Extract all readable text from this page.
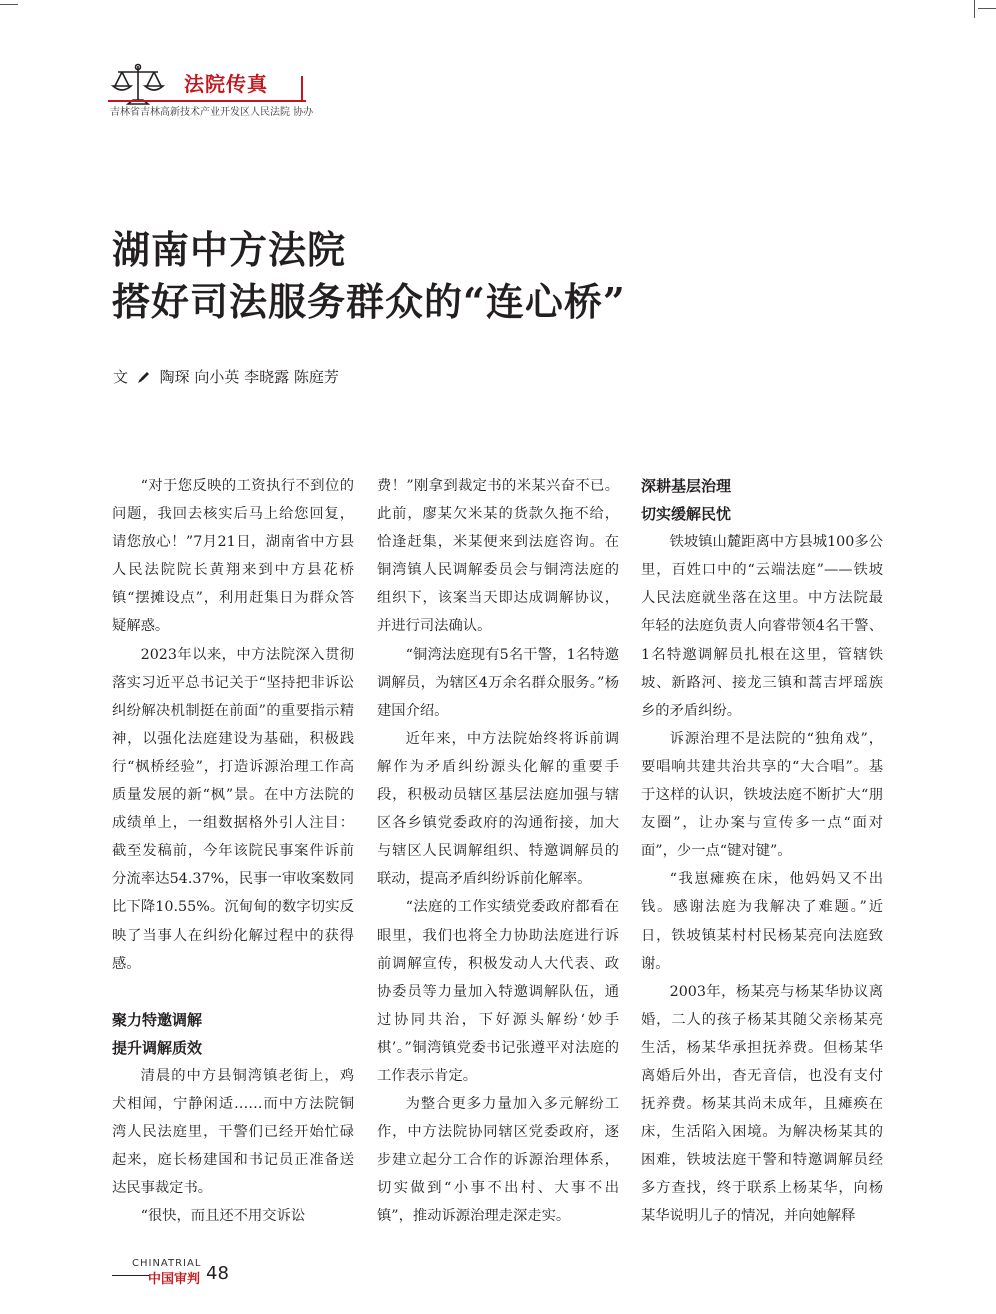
法院传真
吉林省吉林高新技术产业开发区人民法院 协办
湖南中方法院
搭好司法服务群众的“连心桥”
文 陶琛 向小英 李晓露 陈庭芳

“对于您反映的工资执行不到位的问题，我回去核实后马上给您回复，请您放心！”7月21日，湖南省中方县人民法院院长黄翔来到中方县花桥镇“摆摊设点”，利用赶集日为群众答疑解惑。

2023年以来，中方法院深入贯彻落实习近平总书记关于“坚持把非诉讼纠纷解决机制挺在前面”的重要指示精神，以强化法庭建设为基础，积极践行“枫桥经验”，打造诉源治理工作高质量发展的新“枫”景。在中方法院的成绩单上，一组数据格外引人注目：截至发稿前，今年该院民事案件诉前分流率达54.37%，民事一审收案数同比下降10.55%。沉甸甸的数字切实反映了当事人在纠纷化解过程中的获得感。

聚力特邀调解
提升调解质效

清晨的中方县铜湾镇老街上，鸡犬相闻，宁静闲适……而中方法院铜湾人民法庭里，干警们已经开始忙碌起来，庭长杨建国和书记员正准备送达民事裁定书。

“很快，而且还不用交诉讼

费！”刚拿到裁定书的米某兴奋不已。此前，廖某欠米某的货款久拖不给，恰逢赶集，米某便来到法庭咨询。在铜湾镇人民调解委员会与铜湾法庭的组织下，该案当天即达成调解协议，并进行司法确认。

“铜湾法庭现有5名干警，1名特邀调解员，为辖区4万余名群众服务。”杨建国介绍。

近年来，中方法院始终将诉前调解作为矛盾纠纷源头化解的重要手段，积极动员辖区基层法庭加强与辖区各乡镇党委政府的沟通衔接，加大与辖区人民调解组织、特邀调解员的联动，提高矛盾纠纷诉前化解率。

“法庭的工作实绩党委政府都看在眼里，我们也将全力协助法庭进行诉前调解宣传，积极发动人大代表、政协委员等力量加入特邀调解队伍，通过协同共治，下好源头解纷‘妙手棋’。”铜湾镇党委书记张遵平对法庭的工作表示肯定。

为整合更多力量加入多元解纷工作，中方法院协同辖区党委政府，逐步建立起分工合作的诉源治理体系，切实做到“小事不出村、大事不出镇”，推动诉源治理走深走实。

深耕基层治理
切实缓解民忧

铁坡镇山麓距离中方县城100多公里，百姓口中的“云端法庭”——铁坡人民法庭就坐落在这里。中方法院最年轻的法庭负责人向睿带领4名干警、1名特邀调解员扎根在这里，管辖铁坡、新路河、接龙三镇和蒿吉坪瑶族乡的矛盾纠纷。

诉源治理不是法院的“独角戏”，要唱响共建共治共享的“大合唱”。基于这样的认识，铁坡法庭不断扩大“朋友圈”，让办案与宣传多一点“面对面”，少一点“键对键”。

“我崽瘫痪在床，他妈妈又不出钱。感谢法庭为我解决了难题。”近日，铁坡镇某村村民杨某亮向法庭致谢。

2003年，杨某亮与杨某华协议离婚，二人的孩子杨某其随父亲杨某亮生活，杨某华承担抚养费。但杨某华离婚后外出，杳无音信，也没有支付抚养费。杨某其尚未成年，且瘫痪在床，生活陷入困境。为解决杨某其的困难，铁坡法庭干警和特邀调解员经多方查找，终于联系上杨某华，向杨某华说明儿子的情况，并向她解释

CHINATRIAL
中国审判 48
